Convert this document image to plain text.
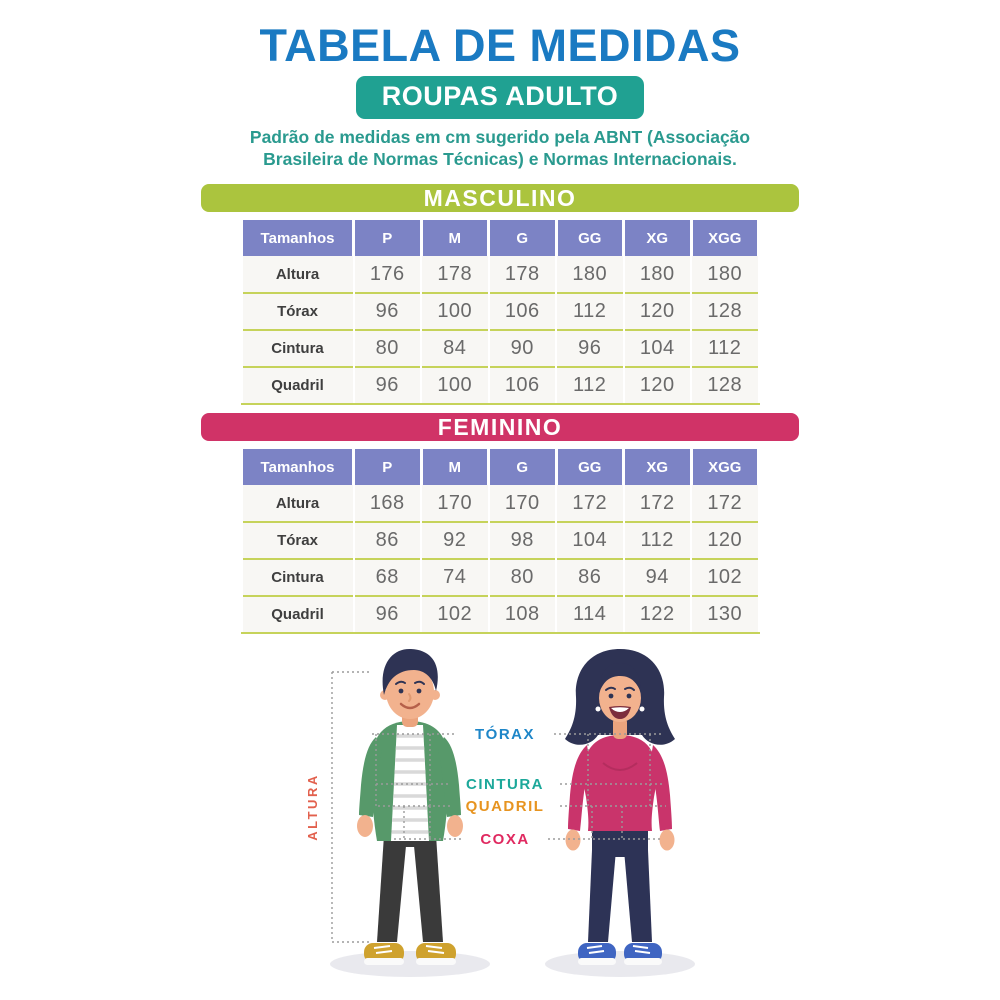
TABELA DE MEDIDAS
ROUPAS ADULTO

Padrão de medidas em cm sugerido pela ABNT (Associação
Brasileira de Normas Técnicas) e Normas Internacionais.

MASCULINO
Tamanhos	P	M	G	GG	XG	XGG
Altura	176	178	178	180	180	180
Tórax	96	100	106	112	120	128
Cintura	80	84	90	96	104	112
Quadril	96	100	106	112	120	128
FEMININO
Tamanhos	P	M	G	GG	XG	XGG
Altura	168	170	170	172	172	172
Tórax	86	92	98	104	112	120
Cintura	68	74	80	86	94	102
Quadril	96	102	108	114	122	130
ALTURA
TÓRAX
CINTURA
QUADRIL
COXA
